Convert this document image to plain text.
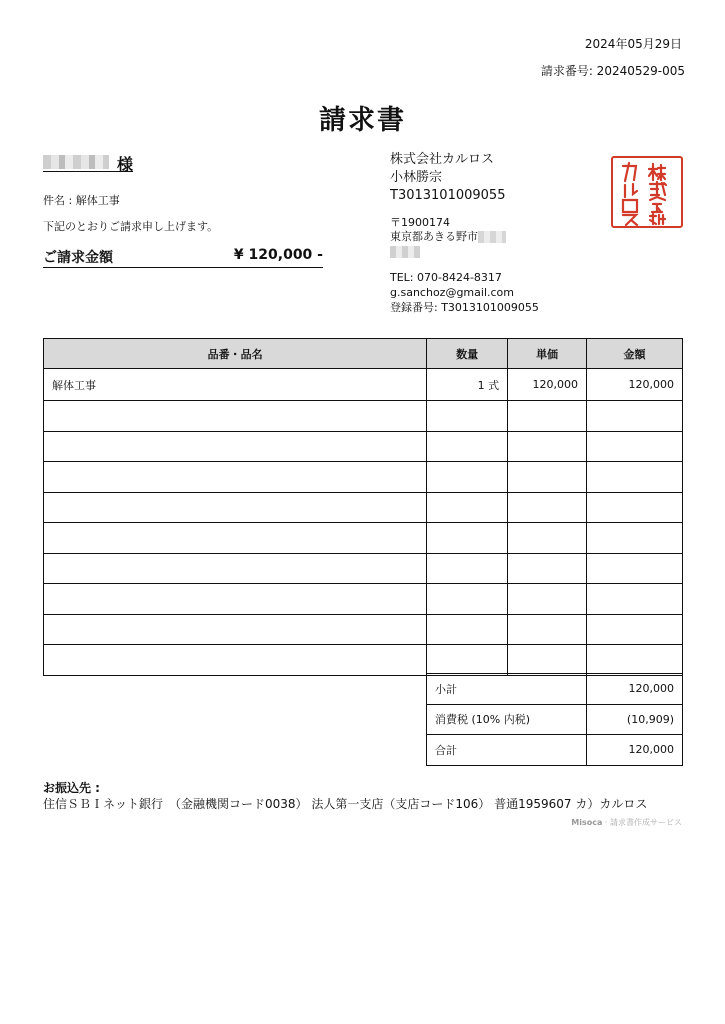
2024年05月29日
請求番号: 20240529-005
請求書
様
件名 : 解体工事
下記のとおりご請求申し上げます。
ご請求金額	¥ 120,000 -
株式会社カルロス
小林勝宗
T3013101009055
〒1900174
東京都あきる野市
TEL: 070-8424-8317
g.sanchoz@gmail.com
登録番号: T3013101009055
品番・品名	数量	単価	金額
解体工事	1 式	120,000	120,000

小計	120,000
消費税 (10% 内税)	(10,909)
合計	120,000
お振込先 :
住信ＳＢＩネット銀行　（金融機関コード0038） 法人第一支店（支店コード106） 普通1959607 カ）カルロス
Misoca · 請求書作成サービス
